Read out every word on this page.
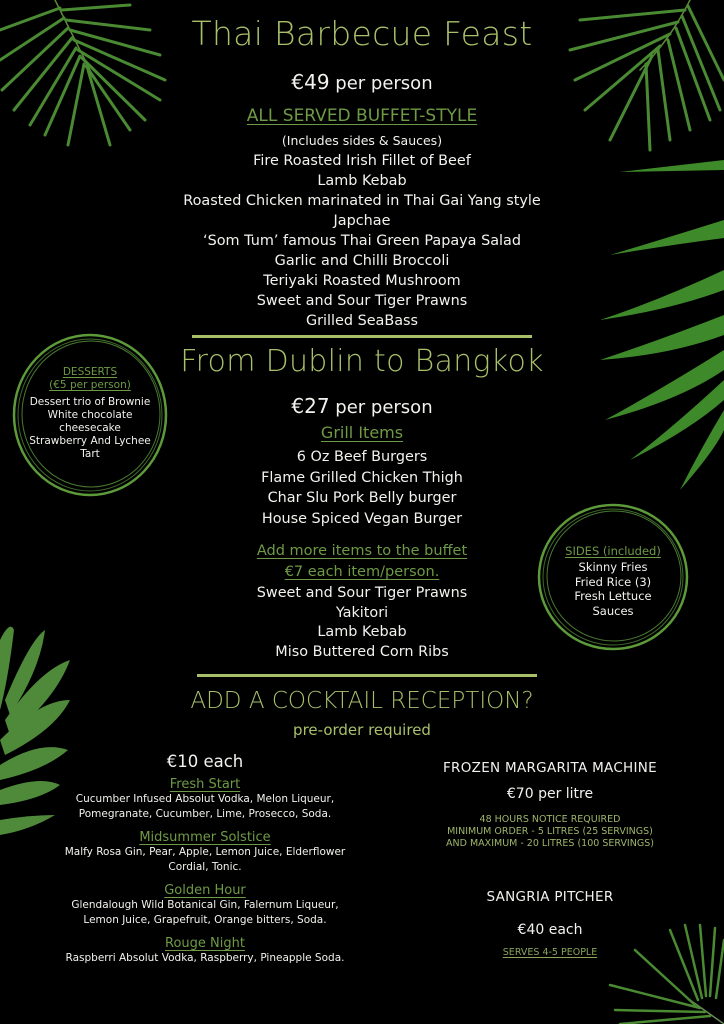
Thai Barbecue Feast
€49 per person
ALL SERVED BUFFET-STYLE
(Includes sides & Sauces)
Fire Roasted Irish Fillet of Beef
Lamb Kebab
Roasted Chicken marinated in Thai Gai Yang style
Japchae
‘Som Tum’ famous Thai Green Papaya Salad
Garlic and Chilli Broccoli
Teriyaki Roasted Mushroom
Sweet and Sour Tiger Prawns
Grilled SeaBass
DESSERTS
(€5 per person)
Dessert trio of Brownie
White chocolate
cheesecake
Strawberry And Lychee
Tart
From Dublin to Bangkok
€27 per person
Grill Items
6 Oz Beef Burgers
Flame Grilled Chicken Thigh
Char Slu Pork Belly burger
House Spiced Vegan Burger
Add more items to the buffet
€7 each item/person.
Sweet and Sour Tiger Prawns
Yakitori
Lamb Kebab
Miso Buttered Corn Ribs
SIDES (included)
Skinny Fries
Fried Rice (3)
Fresh Lettuce
Sauces
ADD A COCKTAIL RECEPTION?
pre-order required
€10 each
Fresh Start
Cucumber Infused Absolut Vodka, Melon Liqueur,
Pomegranate, Cucumber, Lime, Prosecco, Soda.
Midsummer Solstice
Malfy Rosa Gin, Pear, Apple, Lemon Juice, Elderflower
Cordial, Tonic.
Golden Hour
Glendalough Wild Botanical Gin, Falernum Liqueur,
Lemon Juice, Grapefruit, Orange bitters, Soda.
Rouge Night
Raspberri Absolut Vodka, Raspberry, Pineapple Soda.
FROZEN MARGARITA MACHINE
€70 per litre
48 HOURS NOTICE REQUIRED
MINIMUM ORDER - 5 LITRES (25 SERVINGS)
AND MAXIMUM - 20 LITRES (100 SERVINGS)
SANGRIA PITCHER
€40 each
SERVES 4-5 PEOPLE
